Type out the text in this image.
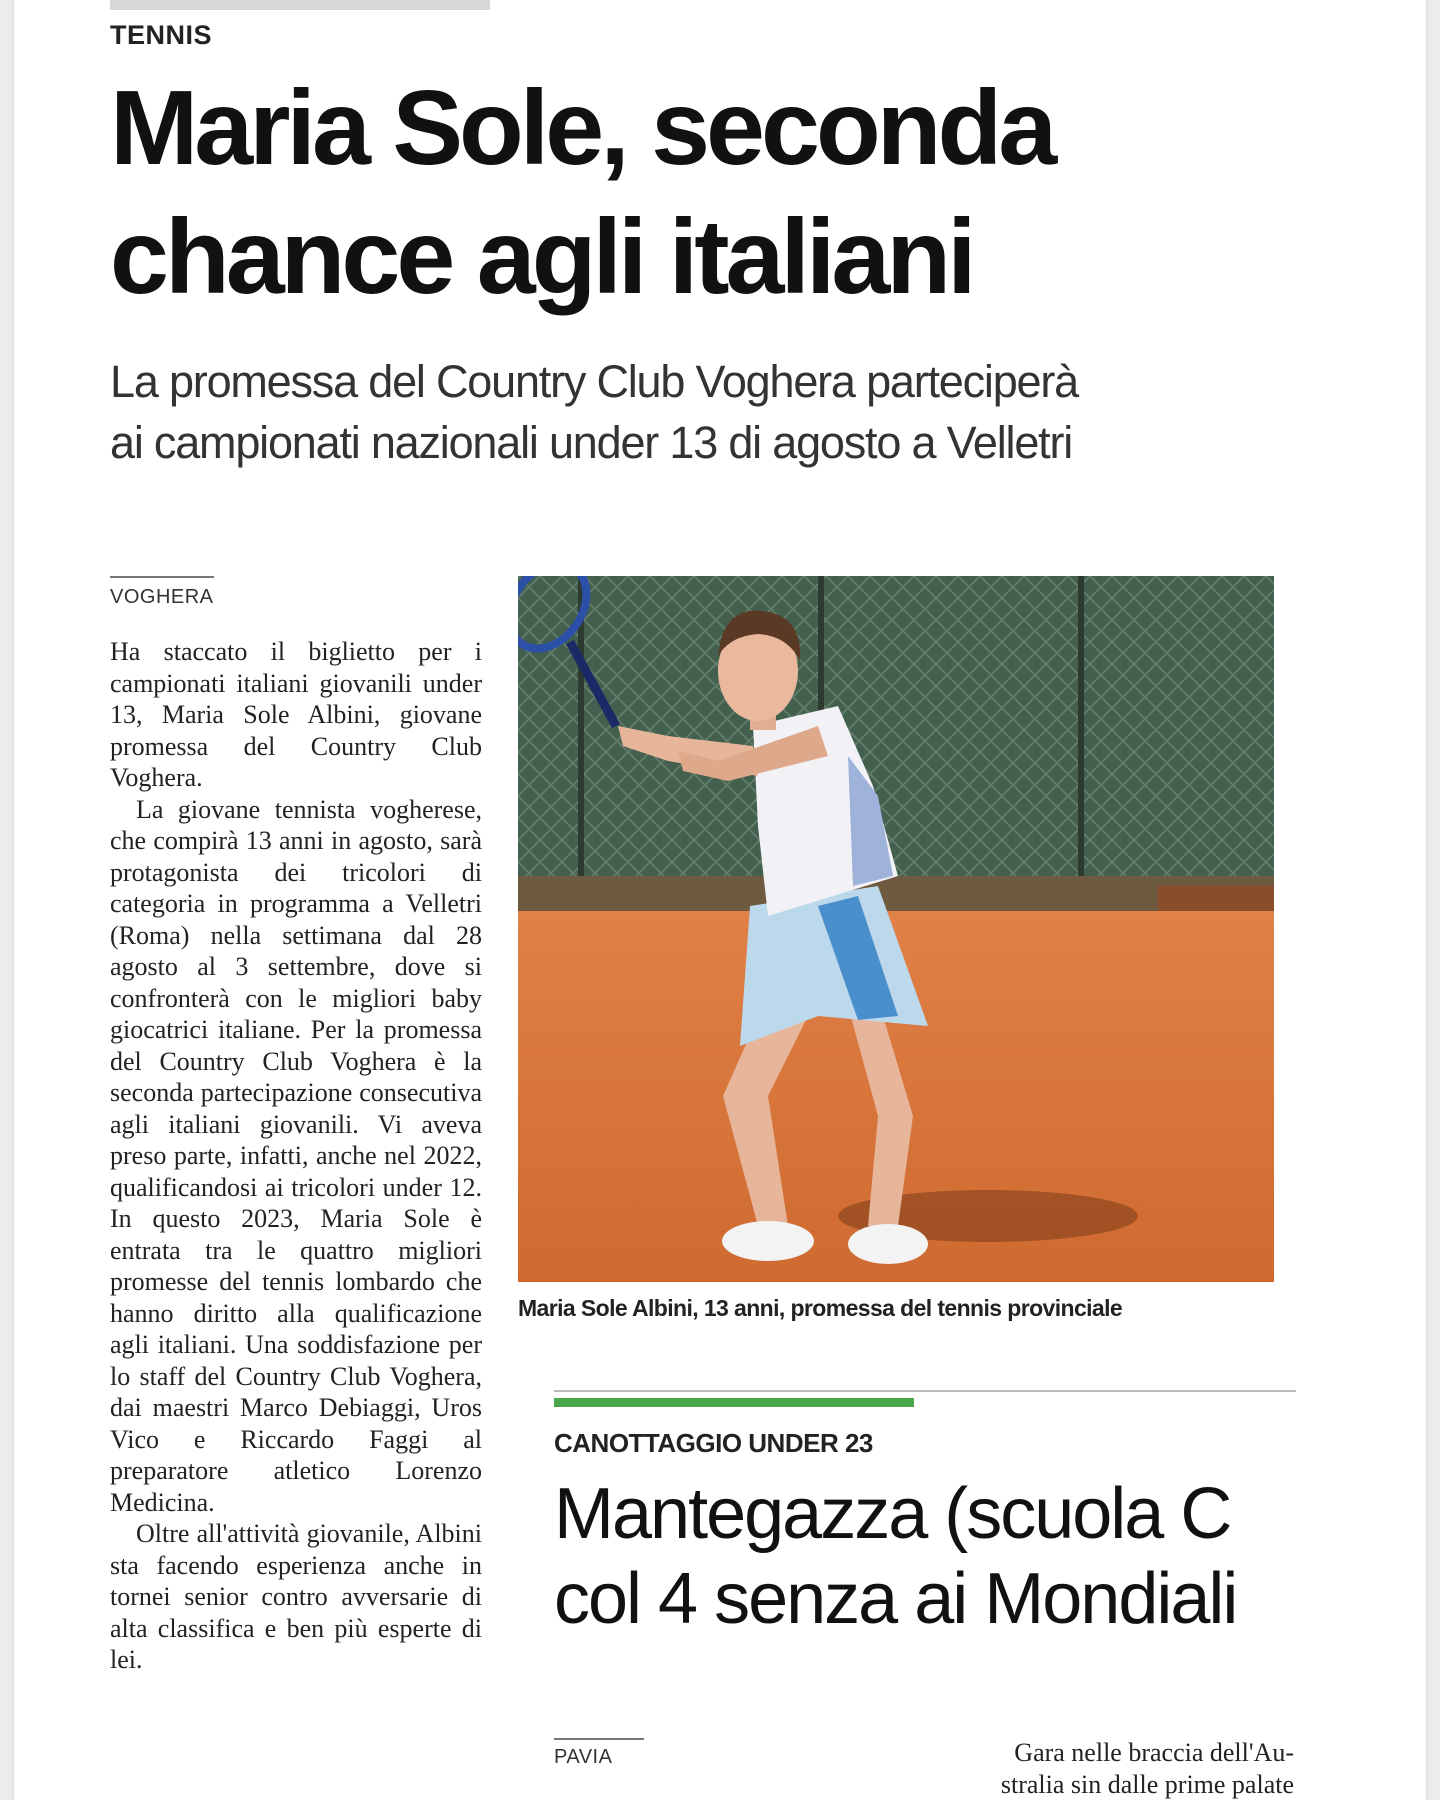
TENNIS
Maria Sole, seconda
chance agli italiani
La promessa del Country Club Voghera parteciperà
ai campionati nazionali under 13 di agosto a Velletri
VOGHERA

Ha staccato il biglietto per i campionati italiani giovanili under 13, Maria Sole Albini, giovane promessa del Country Club Voghera.

La giovane tennista vogherese, che compirà 13 anni in agosto, sarà protagonista dei tricolori di categoria in programma a Velletri (Roma) nella settimana dal 28 agosto al 3 settembre, dove si confronterà con le migliori baby giocatrici italiane. Per la promessa del Country Club Voghera è la seconda partecipazione consecutiva agli italiani giovanili. Vi aveva preso parte, infatti, anche nel 2022, qualificandosi ai tricolori under 12. In questo 2023, Maria Sole è entrata tra le quattro migliori promesse del tennis lombardo che hanno diritto alla qualificazione agli italiani. Una soddisfazione per lo staff del Country Club Voghera, dai maestri Marco Debiaggi, Uros Vico e Riccardo Faggi al preparatore atletico Lorenzo Medicina.

Oltre all'attività giovanile, Albini sta facendo esperienza anche in tornei senior contro avversarie di alta classifica e ben più esperte di lei.

Maria Sole Albini, 13 anni, promessa del tennis provinciale
CANOTTAGGIO UNDER 23
Mantegazza (scuola C
col 4 senza ai Mondiali
PAVIA	Gara nelle braccia dell'Au-
stralia sin dalle prime palate
